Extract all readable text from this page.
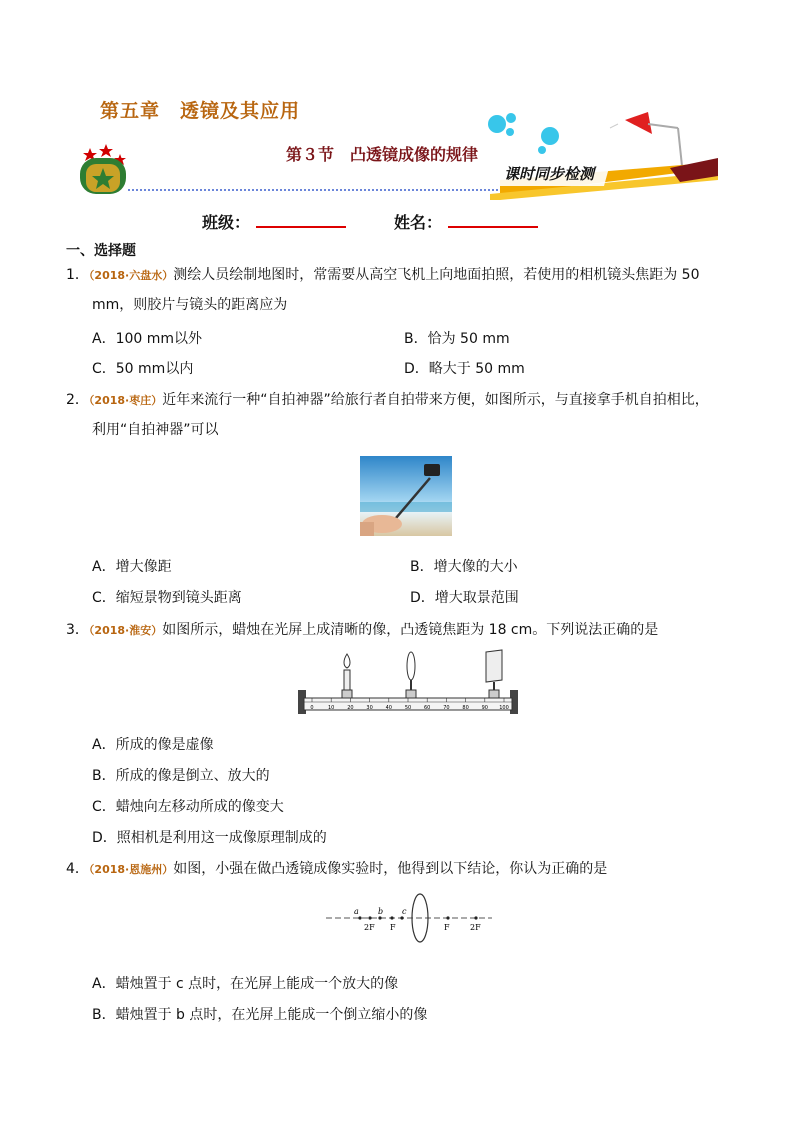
第五章　透镜及其应用
第３节　凸透镜成像的规律
课时同步检测
班级：	姓名：
一、选择题
1．（2018·六盘水）测绘人员绘制地图时，常需要从高空飞机上向地面拍照，若使用的相机镜头焦距为 50
mm，则胶片与镜头的距离应为
A．100 mm以外	B．恰为 50 mm
C．50 mm以内	D．略大于 50 mm
2．（2018·枣庄）近年来流行一种“自拍神器”给旅行者自拍带来方便，如图所示，与直接拿手机自拍相比，
利用“自拍神器”可以
A．增大像距	B．增大像的大小
C．缩短景物到镜头距离	D．增大取景范围
3．（2018·淮安）如图所示，蜡烛在光屏上成清晰的像，凸透镜焦距为 18 cm。下列说法正确的是
0	10	20	30	40	50	60	70	80	90 100
A．所成的像是虚像
B．所成的像是倒立、放大的
C．蜡烛向左移动所成的像变大
D．照相机是利用这一成像原理制成的
4．（2018·恩施州）如图，小强在做凸透镜成像实验时，他得到以下结论，你认为正确的是
a b c
2F F	F	2F
A．蜡烛置于 c 点时，在光屏上能成一个放大的像
B．蜡烛置于 b 点时，在光屏上能成一个倒立缩小的像
